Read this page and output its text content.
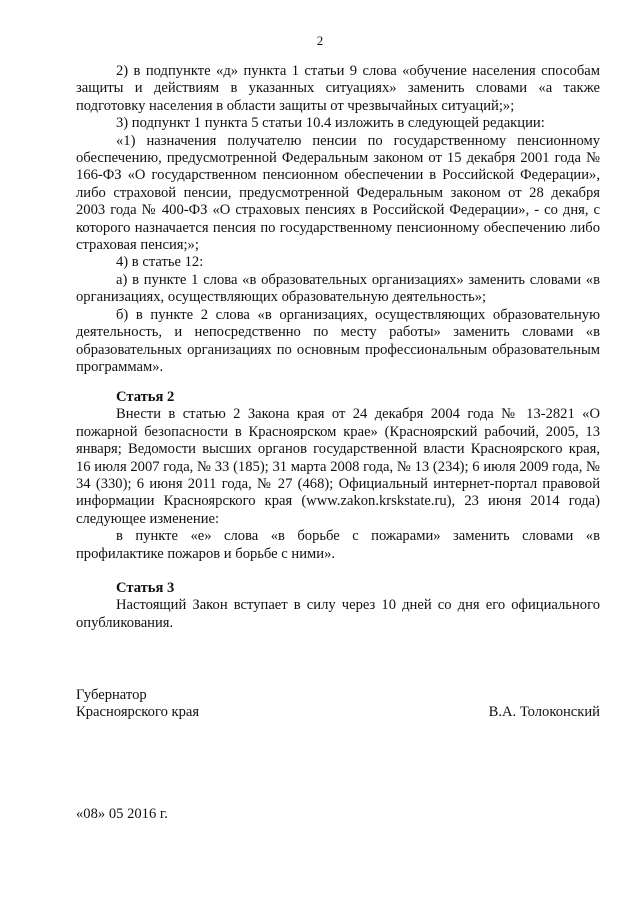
2

2) в подпункте «д» пункта 1 статьи 9 слова «обучение населения способам защиты и действиям в указанных ситуациях» заменить словами «а также подготовку населения в области защиты от чрезвычайных ситуаций;»;

3) подпункт 1 пункта 5 статьи 10.4 изложить в следующей редакции:

«1) назначения получателю пенсии по государственному пенсионному обеспечению, предусмотренной Федеральным законом от 15 декабря 2001 года № 166-ФЗ «О государственном пенсионном обеспечении в Российской Федерации», либо страховой пенсии, предусмотренной Федеральным законом от 28 декабря 2003 года № 400-ФЗ «О страховых пенсиях в Российской Федерации», - со дня, с которого назначается пенсия по государственному пенсионному обеспечению либо страховая пенсия;»;

4) в статье 12:

а) в пункте 1 слова «в образовательных организациях» заменить словами «в организациях, осуществляющих образовательную деятельность»;

б) в пункте 2 слова «в организациях, осуществляющих образовательную деятельность, и непосредственно по месту работы» заменить словами «в образовательных организациях по основным профессиональным образовательным программам».

Статья 2

Внести в статью 2 Закона края от 24 декабря 2004 года № 13-2821 «О пожарной безопасности в Красноярском крае» (Красноярский рабочий, 2005, 13 января; Ведомости высших органов государственной власти Красноярского края, 16 июля 2007 года, № 33 (185); 31 марта 2008 года, № 13 (234); 6 июля 2009 года, № 34 (330); 6 июня 2011 года, № 27 (468); Официальный интернет-портал правовой информации Красноярского края (www.zakon.krskstate.ru), 23 июня 2014 года) следующее изменение:

в пункте «е» слова «в борьбе с пожарами» заменить словами «в профилактике пожаров и борьбе с ними».

Статья 3

Настоящий Закон вступает в силу через 10 дней со дня его официального опубликования.

Губернатор
Красноярского края	В.А. Толоконский
«08» 05 2016 г.
